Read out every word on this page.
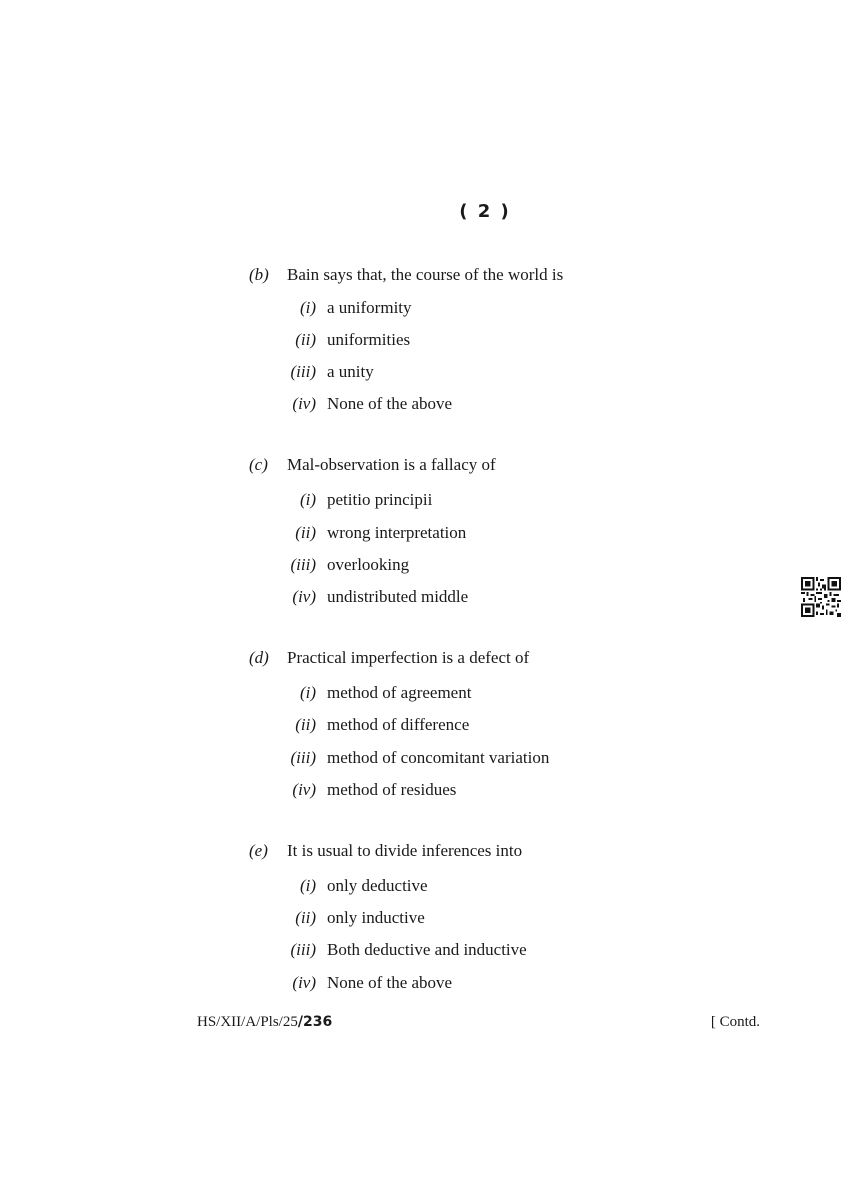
( 2 )
(b)	Bain says that, the course of the world is
(i) a uniformity
(ii) uniformities
(iii) a unity
(iv) None of the above
(c)	Mal-observation is a fallacy of
(i) petitio principii
(ii) wrong interpretation
(iii) overlooking
(iv) undistributed middle
(d)	Practical imperfection is a defect of
(i) method of agreement
(ii) method of difference
(iii) method of concomitant variation
(iv) method of residues
(e)	It is usual to divide inferences into
(i) only deductive
(ii) only inductive
(iii) Both deductive and inductive
(iv) None of the above
HS/XII/A/Pls/25/236	[ Contd.
